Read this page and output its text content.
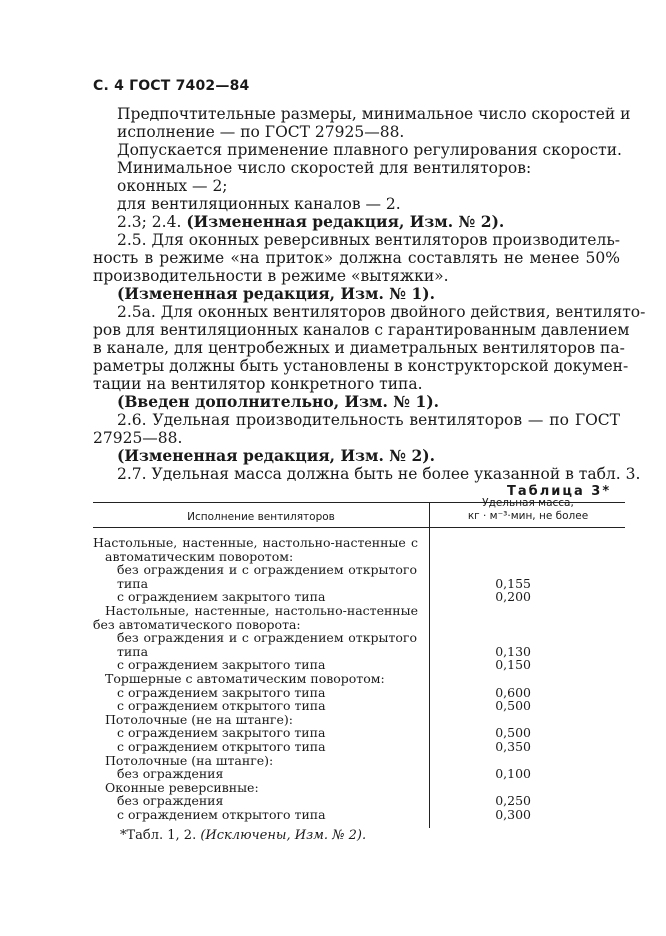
С. 4 ГОСТ 7402—84
Предпочтительные размеры, минимальное число скоростей и
исполнение — по ГОСТ 27925—88.
Допускается применение плавного регулирования скорости.
Минимальное число скоростей для вентиляторов:
оконных — 2;
для вентиляционных каналов — 2.
2.3; 2.4. (Измененная редакция, Изм. № 2).
2.5. Для оконных реверсивных вентиляторов производитель-
ность в режиме «на приток» должна составлять не менее 50%
производительности в режиме «вытяжки».
(Измененная редакция, Изм. № 1).
2.5а. Для оконных вентиляторов двойного действия, вентилято-
ров для вентиляционных каналов с гарантированным давлением
в канале, для центробежных и диаметральных вентиляторов па-
раметры должны быть установлены в конструкторской докумен-
тации на вентилятор конкретного типа.
(Введен дополнительно, Изм. № 1).
2.6. Удельная производительность вентиляторов — по ГОСТ
27925—88.
(Измененная редакция, Изм. № 2).
2.7. Удельная масса должна быть не более указанной в табл. 3.
Таблица 3*
Исполнение вентиляторов
Удельная масса,
кг · м⁻³·мин, не более
Настольные, настенные, настольно-настенные с
автоматическим поворотом:
без ограждения и с ограждением открытого
типа	0,155
с ограждением закрытого типа	0,200
Настольные, настенные, настольно-настенные
без автоматического поворота:
без ограждения и с ограждением открытого
типа	0,130
с ограждением закрытого типа	0,150
Торшерные с автоматическим поворотом:
с ограждением закрытого типа	0,600
с ограждением открытого типа	0,500
Потолочные (не на штанге):
с ограждением закрытого типа	0,500
с ограждением открытого типа	0,350
Потолочные (на штанге):
без ограждения	0,100
Оконные реверсивные:
без ограждения	0,250
с ограждением открытого типа	0,300
*Табл. 1, 2. (Исключены, Изм. № 2).
